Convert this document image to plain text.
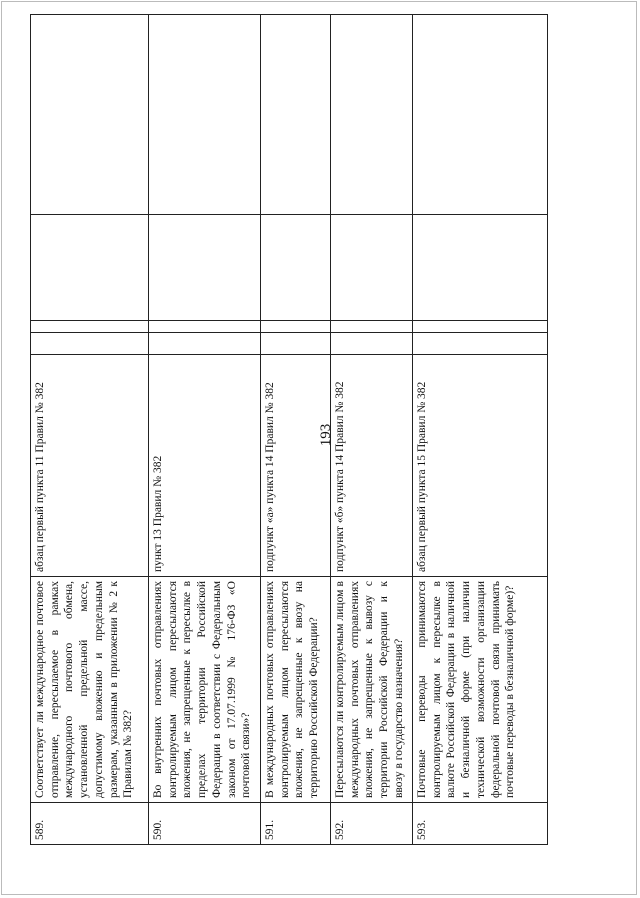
193
589.	Соответствует ли международное почтовое отправление, пересылаемое в рамках международного почтового обмена, установленной предельной массе, допустимому вложению и предельным размерам, указанным в приложении № 2 к Правилам № 382?	абзац первый пункта 11 Правил № 382				
590.	Во внутренних почтовых отправлениях контролируемым лицом пересылаются вложения, не запрещенные к пересылке в пределах территории Российской Федерации в соответствии с Федеральным законом от 17.07.1999 № 176-ФЗ «О почтовой связи»?	пункт 13 Правил № 382				
591.	В международных почтовых отправлениях контролируемым лицом пересылаются вложения, не запрещенные к ввозу на территорию Российской Федерации?	подпункт «а» пункта 14 Правил № 382				
592.	Пересылаются ли контролируемым лицом в международных почтовых отправлениях вложения, не запрещенные к вывозу с территории Российской Федерации и к ввозу в государство назначения?	подпункт «б» пункта 14 Правил № 382				
593.	Почтовые переводы принимаются контролируемым лицом к пересылке в валюте Российской Федерации в наличной и безналичной форме (при наличии технической возможности организации федеральной почтовой связи принимать почтовые переводы в безналичной форме)?	абзац первый пункта 15 Правил № 382				
